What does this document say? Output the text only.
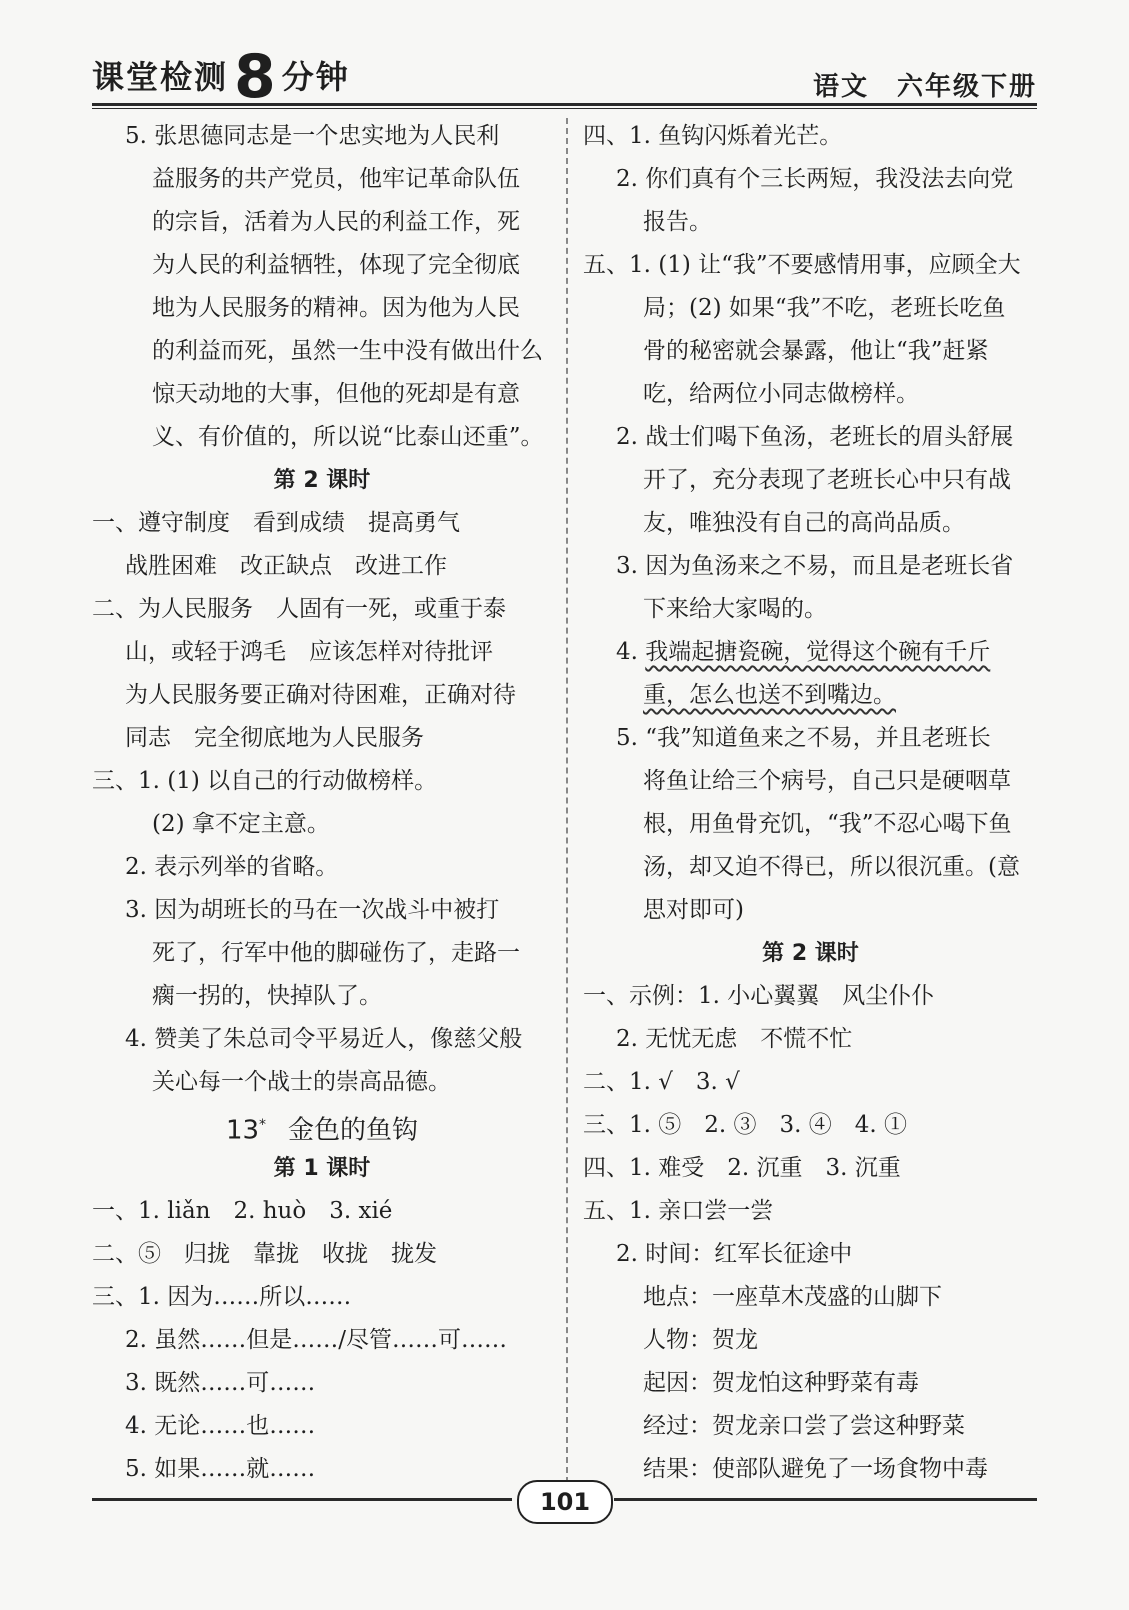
课堂检测 8 分钟	语文 六年级下册
5. 张思德同志是一个忠实地为人民利
益服务的共产党员，他牢记革命队伍
的宗旨，活着为人民的利益工作，死
为人民的利益牺牲，体现了完全彻底
地为人民服务的精神。因为他为人民
的利益而死，虽然一生中没有做出什么
惊天动地的大事，但他的死却是有意
义、有价值的，所以说“比泰山还重”。
第 2 课时
一、遵守制度　看到成绩　提高勇气
战胜困难　改正缺点　改进工作
二、为人民服务　人固有一死，或重于泰
山，或轻于鸿毛　应该怎样对待批评
为人民服务要正确对待困难，正确对待
同志　完全彻底地为人民服务
三、1. (1) 以自己的行动做榜样。
(2) 拿不定主意。
2. 表示列举的省略。
3. 因为胡班长的马在一次战斗中被打
死了，行军中他的脚碰伤了，走路一
瘸一拐的，快掉队了。
4. 赞美了朱总司令平易近人，像慈父般
关心每一个战士的崇高品德。
13* 金色的鱼钩
第 1 课时
一、1. liǎn　2. huò　3. xié
二、⑤　归拢　靠拢　收拢　拢发
三、1. 因为……所以……
2. 虽然……但是……/尽管……可……
3. 既然……可……
4. 无论……也……
5. 如果……就……
四、1. 鱼钩闪烁着光芒。
2. 你们真有个三长两短，我没法去向党
报告。
五、1. (1) 让“我”不要感情用事，应顾全大
局；(2) 如果“我”不吃，老班长吃鱼
骨的秘密就会暴露，他让“我”赶紧
吃，给两位小同志做榜样。
2. 战士们喝下鱼汤，老班长的眉头舒展
开了，充分表现了老班长心中只有战
友，唯独没有自己的高尚品质。
3. 因为鱼汤来之不易，而且是老班长省
下来给大家喝的。
4. 我端起搪瓷碗，觉得这个碗有千斤
重，怎么也送不到嘴边。
5. “我”知道鱼来之不易，并且老班长
将鱼让给三个病号，自己只是硬咽草
根，用鱼骨充饥，“我”不忍心喝下鱼
汤，却又迫不得已，所以很沉重。(意
思对即可)
第 2 课时
一、示例：1. 小心翼翼　风尘仆仆
2. 无忧无虑　不慌不忙
二、1. √　3. √
三、1. ⑤　2. ③　3. ④　4. ①
四、1. 难受　2. 沉重　3. 沉重
五、1. 亲口尝一尝
2. 时间：红军长征途中
地点：一座草木茂盛的山脚下
人物：贺龙
起因：贺龙怕这种野菜有毒
经过：贺龙亲口尝了尝这种野菜
结果：使部队避免了一场食物中毒
101
